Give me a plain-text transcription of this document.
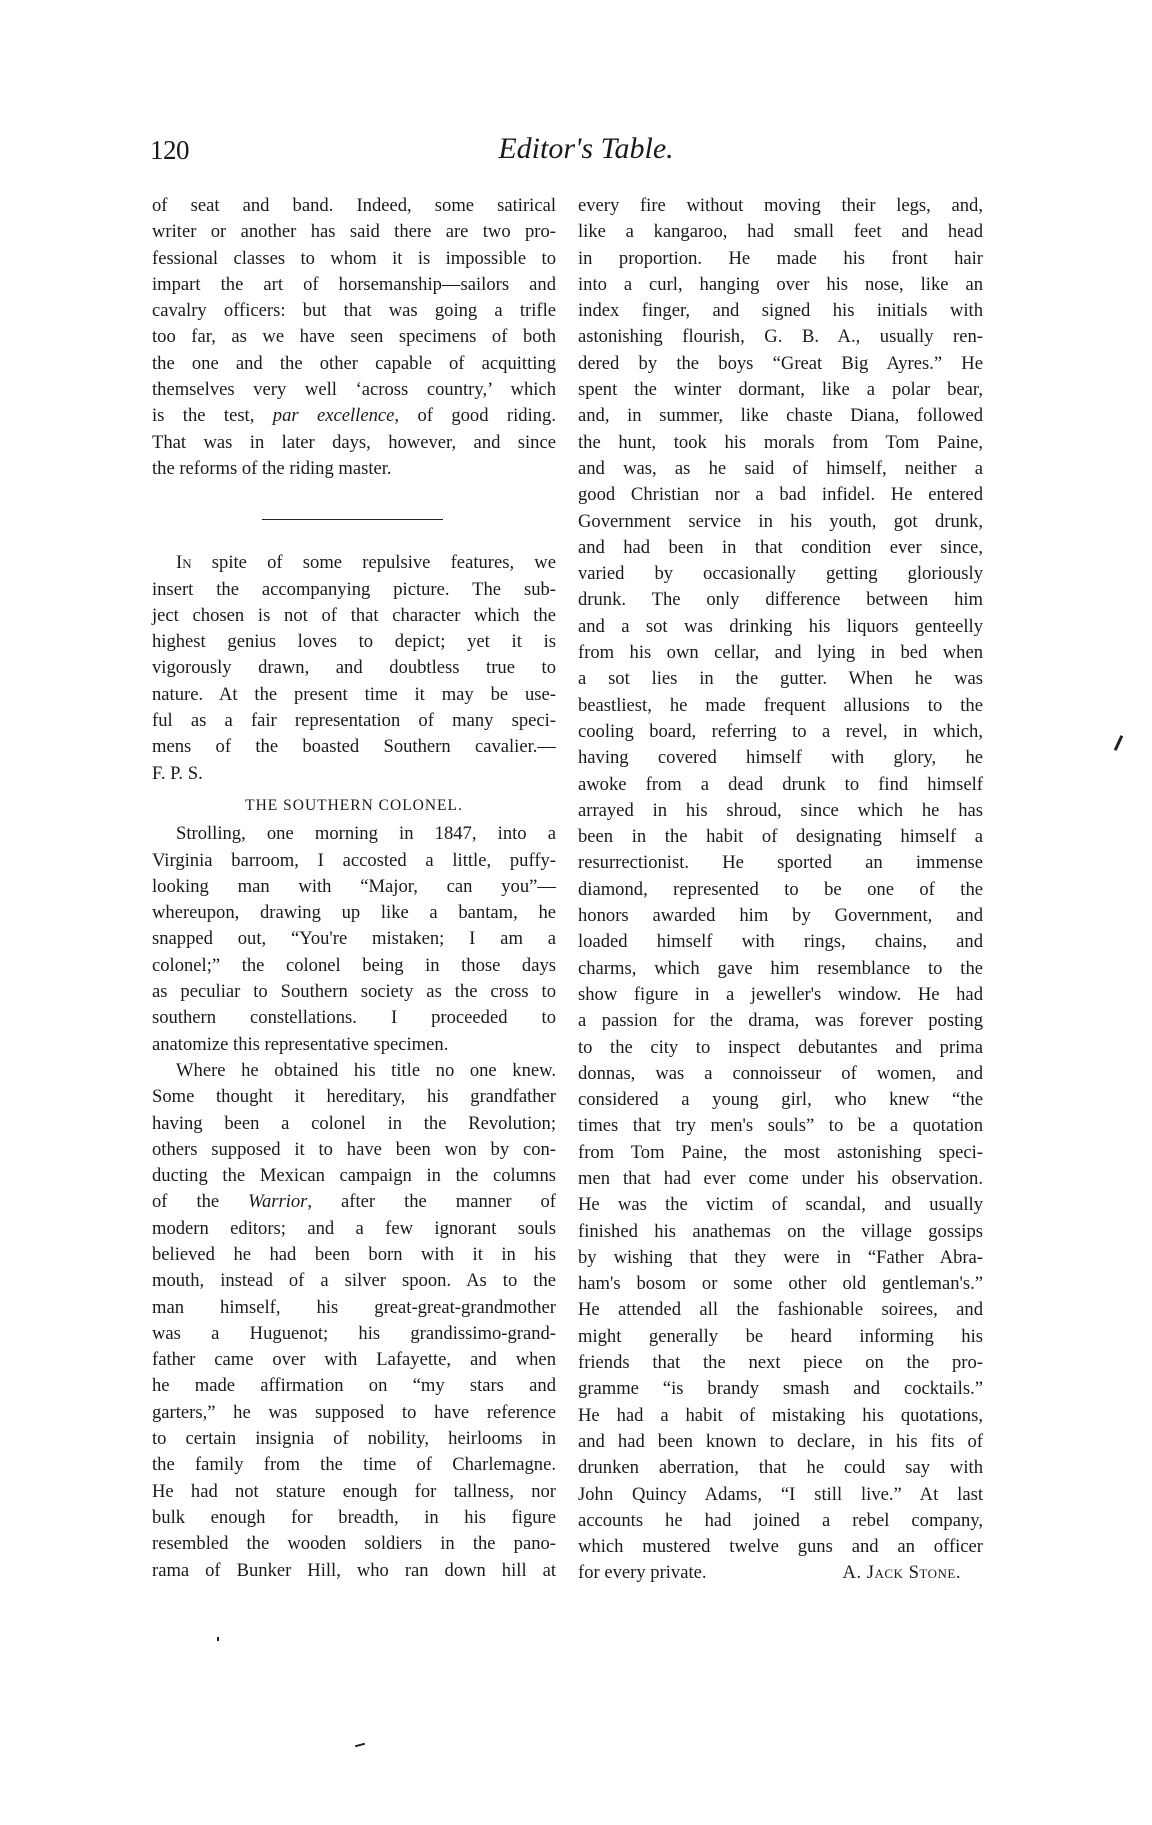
120	Editor's Table.
of seat and band. Indeed, some satirical
writer or another has said there are two pro-
fessional classes to whom it is impossible to
impart the art of horsemanship—sailors and
cavalry officers: but that was going a trifle
too far, as we have seen specimens of both
the one and the other capable of acquitting
themselves very well ‘across country,’ which
is the test, par excellence, of good riding.
That was in later days, however, and since
the reforms of the riding master.
In spite of some repulsive features, we
insert the accompanying picture. The sub-
ject chosen is not of that character which the
highest genius loves to depict; yet it is
vigorously drawn, and doubtless true to
nature. At the present time it may be use-
ful as a fair representation of many speci-
mens of the boasted Southern cavalier.—
F. P. S.
THE SOUTHERN COLONEL.
Strolling, one morning in 1847, into a
Virginia barroom, I accosted a little, puffy-
looking man with “Major, can you”—
whereupon, drawing up like a bantam, he
snapped out, “You're mistaken; I am a
colonel;” the colonel being in those days
as peculiar to Southern society as the cross to
southern constellations. I proceeded to
anatomize this representative specimen.
Where he obtained his title no one knew.
Some thought it hereditary, his grandfather
having been a colonel in the Revolution;
others supposed it to have been won by con-
ducting the Mexican campaign in the columns
of the Warrior, after the manner of
modern editors; and a few ignorant souls
believed he had been born with it in his
mouth, instead of a silver spoon. As to the
man himself, his great-great-grandmother
was a Huguenot; his grandissimo-grand-
father came over with Lafayette, and when
he made affirmation on “my stars and
garters,” he was supposed to have reference
to certain insignia of nobility, heirlooms in
the family from the time of Charlemagne.
He had not stature enough for tallness, nor
bulk enough for breadth, in his figure
resembled the wooden soldiers in the pano-
rama of Bunker Hill, who ran down hill at
every fire without moving their legs, and,
like a kangaroo, had small feet and head
in proportion. He made his front hair
into a curl, hanging over his nose, like an
index finger, and signed his initials with
astonishing flourish, G. B. A., usually ren-
dered by the boys “Great Big Ayres.” He
spent the winter dormant, like a polar bear,
and, in summer, like chaste Diana, followed
the hunt, took his morals from Tom Paine,
and was, as he said of himself, neither a
good Christian nor a bad infidel. He entered
Government service in his youth, got drunk,
and had been in that condition ever since,
varied by occasionally getting gloriously
drunk. The only difference between him
and a sot was drinking his liquors genteelly
from his own cellar, and lying in bed when
a sot lies in the gutter. When he was
beastliest, he made frequent allusions to the
cooling board, referring to a revel, in which,
having covered himself with glory, he
awoke from a dead drunk to find himself
arrayed in his shroud, since which he has
been in the habit of designating himself a
resurrectionist. He sported an immense
diamond, represented to be one of the
honors awarded him by Government, and
loaded himself with rings, chains, and
charms, which gave him resemblance to the
show figure in a jeweller's window. He had
a passion for the drama, was forever posting
to the city to inspect debutantes and prima
donnas, was a connoisseur of women, and
considered a young girl, who knew “the
times that try men's souls” to be a quotation
from Tom Paine, the most astonishing speci-
men that had ever come under his observation.
He was the victim of scandal, and usually
finished his anathemas on the village gossips
by wishing that they were in “Father Abra-
ham's bosom or some other old gentleman's.”
He attended all the fashionable soirees, and
might generally be heard informing his
friends that the next piece on the pro-
gramme “is brandy smash and cocktails.”
He had a habit of mistaking his quotations,
and had been known to declare, in his fits of
drunken aberration, that he could say with
John Quincy Adams, “I still live.” At last
accounts he had joined a rebel company,
which mustered twelve guns and an officer
for every private.	A. Jack Stone.
